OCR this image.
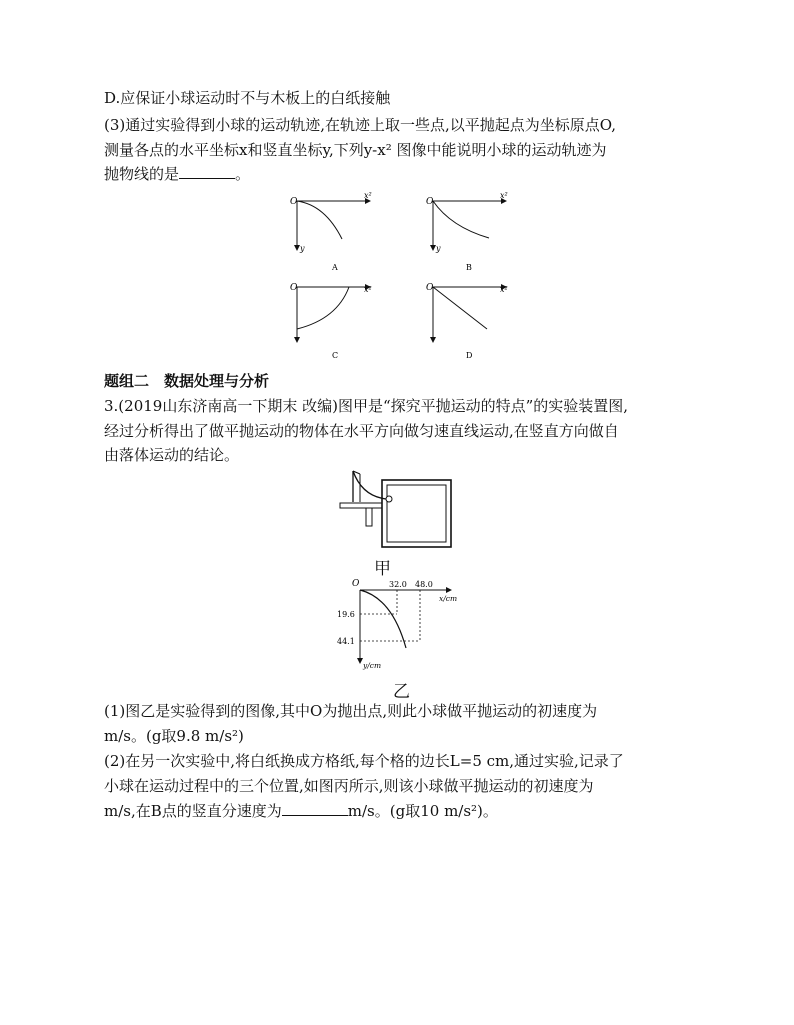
D.应保证小球运动时不与木板上的白纸接触
(3)通过实验得到小球的运动轨迹,在轨迹上取一些点,以平抛起点为坐标原点O,
测量各点的水平坐标x和竖直坐标y,下列y-x² 图像中能说明小球的运动轨迹为
抛物线的是	。
O
x²
y
A
O
x²
y
B
O	x²
C
O	x²
D
题组二　数据处理与分析
3.(2019山东济南高一下期末 改编)图甲是“探究平抛运动的特点”的实验装置图,
经过分析得出了做平抛运动的物体在水平方向做匀速直线运动,在竖直方向做自
由落体运动的结论。
甲
O	32.0 48.0
x/cm
19.6
44.1
y/cm
乙
(1)图乙是实验得到的图像,其中O为抛出点,则此小球做平抛运动的初速度为
m/s。(g取9.8 m/s²)
(2)在另一次实验中,将白纸换成方格纸,每个格的边长L=5 cm,通过实验,记录了
小球在运动过程中的三个位置,如图丙所示,则该小球做平抛运动的初速度为
m/s,在B点的竖直分速度为	m/s。(g取10 m/s²)。
